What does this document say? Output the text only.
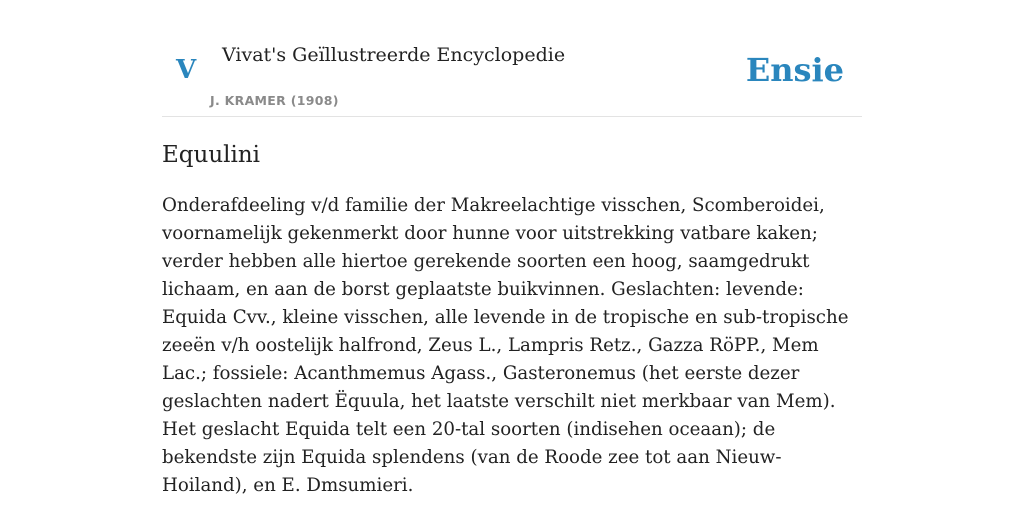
V Vivat's Geïllustreerde Encyclopedie
J. KRAMER (1908)
Ensie
Equulini

Onderafdeeling v/d familie der Makreelachtige visschen, Scomberoidei, voornamelijk gekenmerkt door hunne voor uitstrekking vatbare kaken; verder hebben alle hiertoe gerekende soorten een hoog, saamgedrukt lichaam, en aan de borst geplaatste buikvinnen. Geslachten: levende: Equida Cvv., kleine visschen, alle levende in de tropische en sub-tropische zeeën v/h oostelijk halfrond, Zeus L., Lampris Retz., Gazza RöPP., Mem Lac.; fossiele: Acanthmemus Agass., Gasteronemus (het eerste dezer geslachten nadert Ëquula, het laatste verschilt niet merkbaar van Mem). Het geslacht Equida telt een 20-tal soorten (indisehen oceaan); de bekendste zijn Equida splendens (van de Roode zee tot aan Nieuw-Hoiland), en E. Dmsumieri.
